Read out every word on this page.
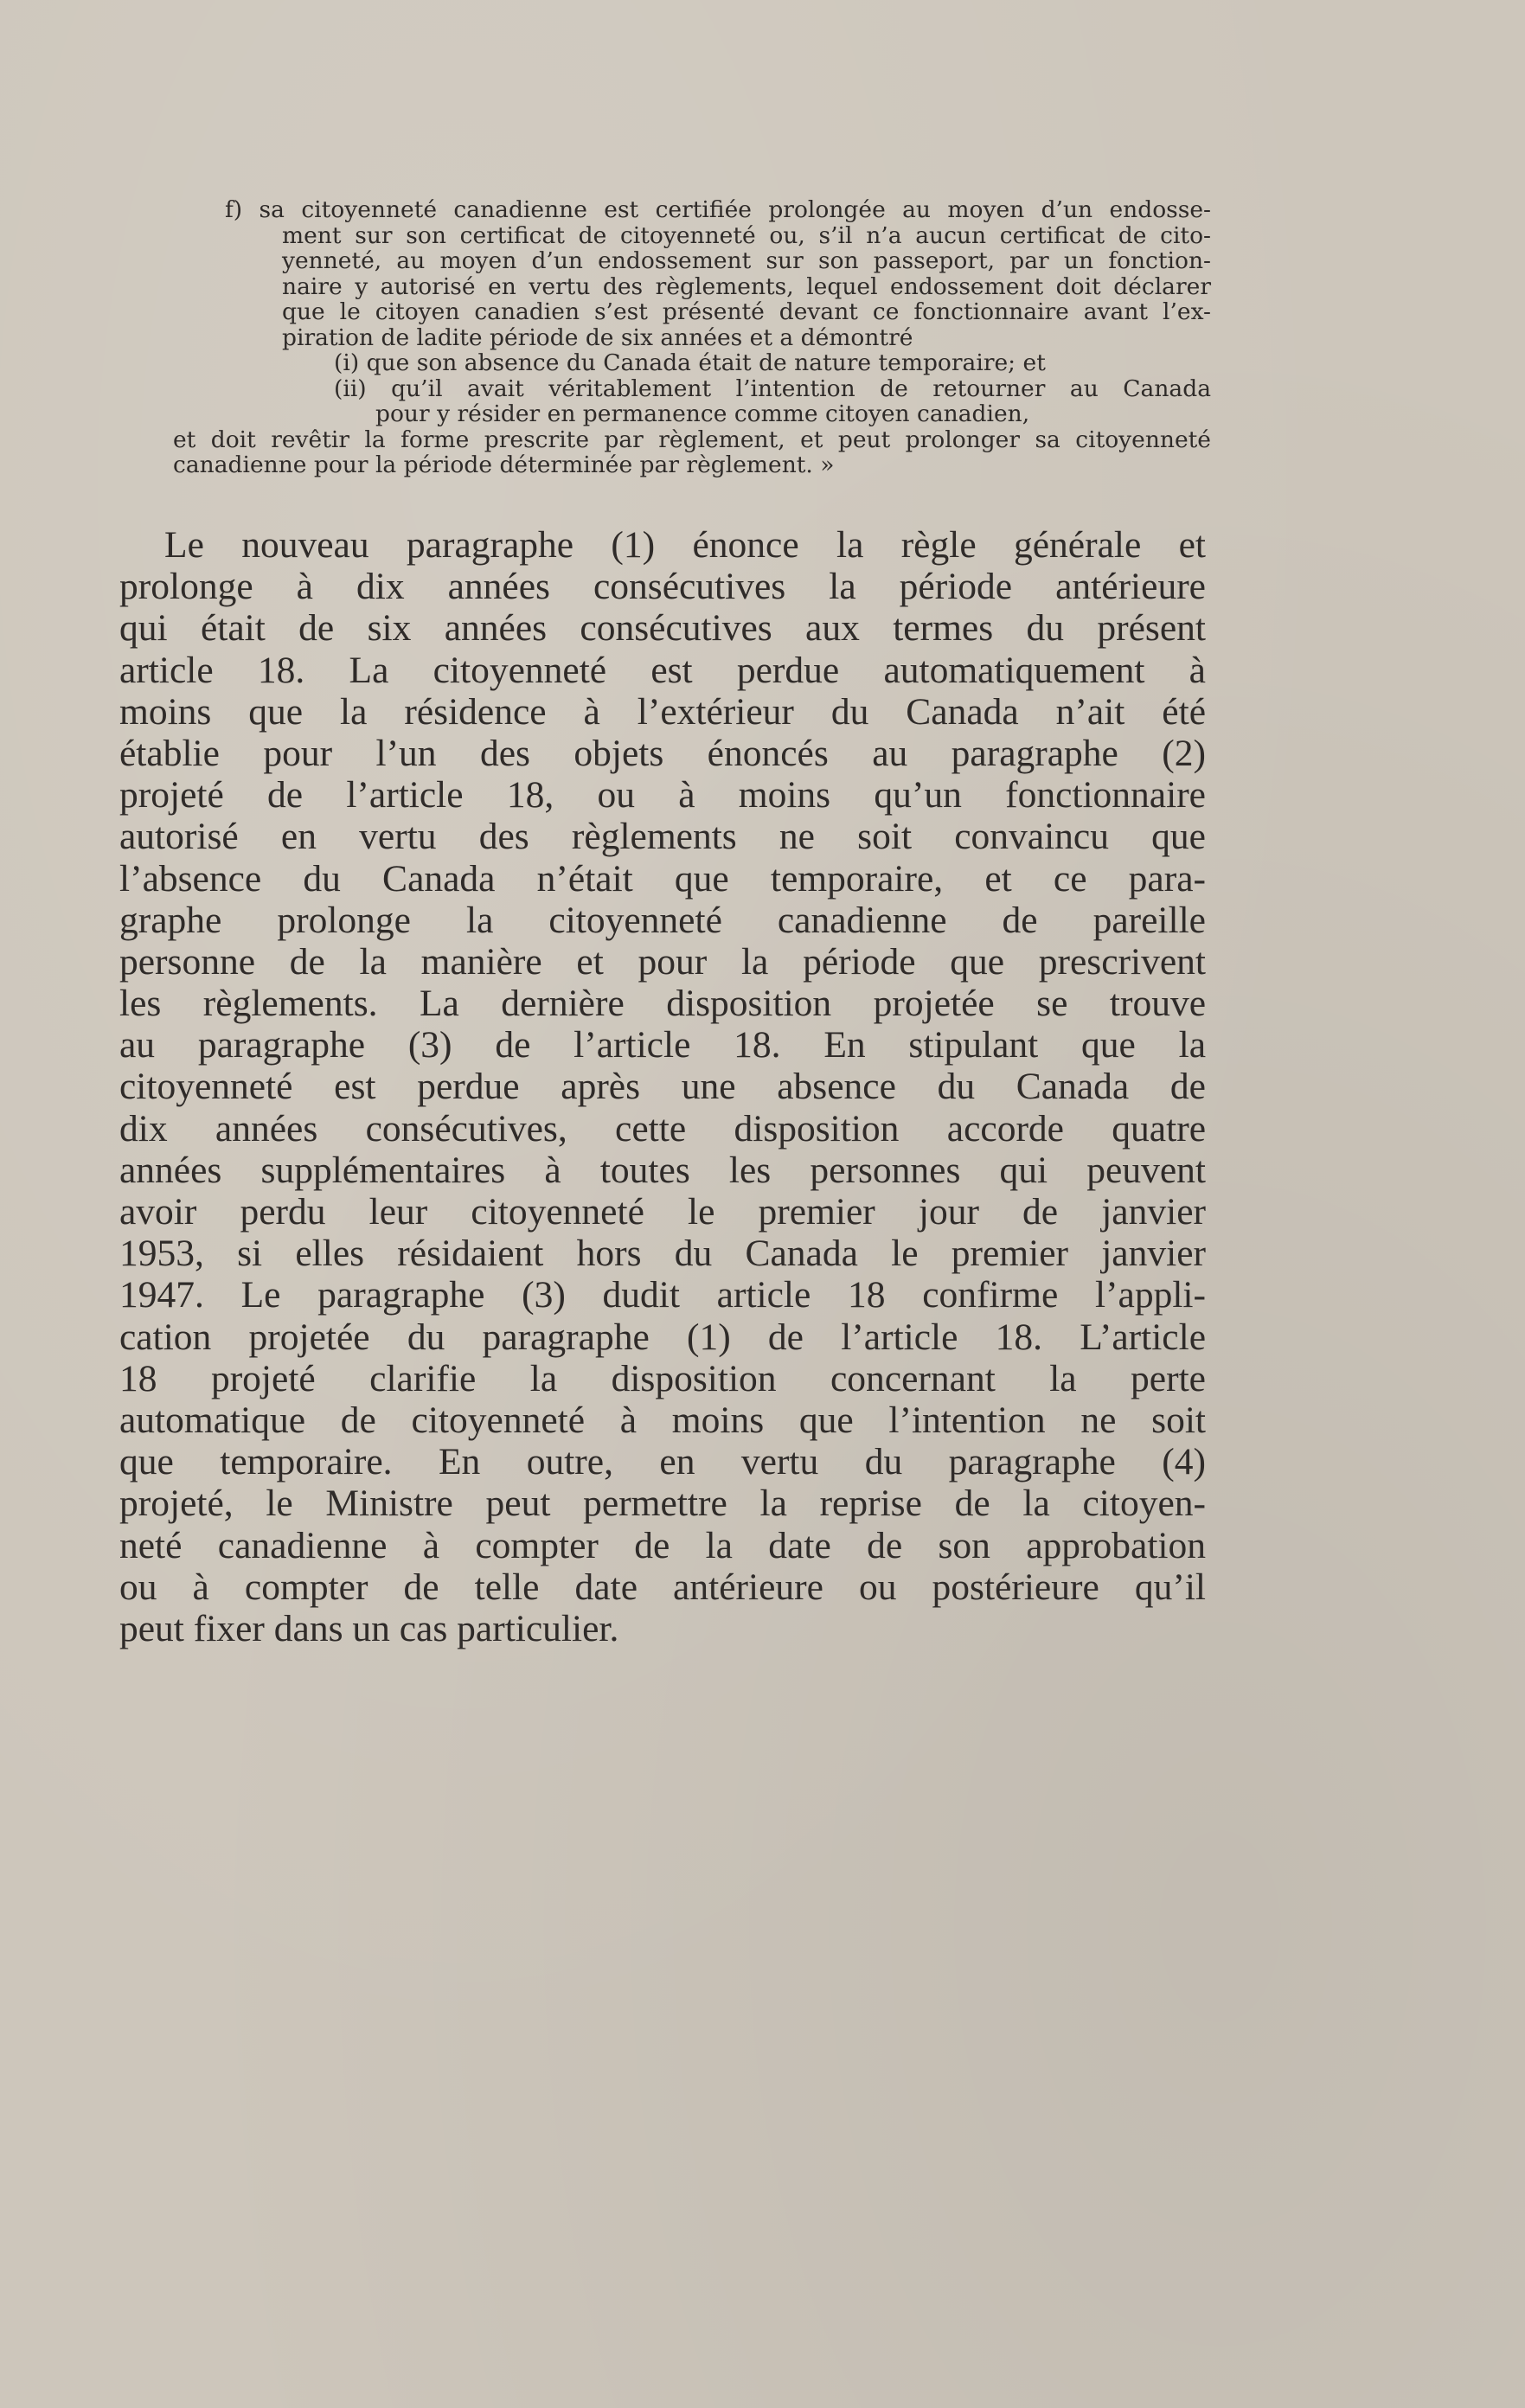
f) sa citoyenneté canadienne est certifiée prolongée au moyen d’un endosse-
ment sur son certificat de citoyenneté ou, s’il n’a aucun certificat de cito-
yenneté, au moyen d’un endossement sur son passeport, par un fonction-
naire y autorisé en vertu des règlements, lequel endossement doit déclarer
que le citoyen canadien s’est présenté devant ce fonctionnaire avant l’ex-
piration de ladite période de six années et a démontré
(i) que son absence du Canada était de nature temporaire; et
(ii) qu’il avait véritablement l’intention de retourner au Canada
pour y résider en permanence comme citoyen canadien,
et doit revêtir la forme prescrite par règlement, et peut prolonger sa citoyenneté
canadienne pour la période déterminée par règlement. »
Le nouveau paragraphe (1) énonce la règle générale et
prolonge à dix années consécutives la période antérieure
qui était de six années consécutives aux termes du présent
article 18. La citoyenneté est perdue automatiquement à
moins que la résidence à l’extérieur du Canada n’ait été
établie pour l’un des objets énoncés au paragraphe (2)
projeté de l’article 18, ou à moins qu’un fonctionnaire
autorisé en vertu des règlements ne soit convaincu que
l’absence du Canada n’était que temporaire, et ce para-
graphe prolonge la citoyenneté canadienne de pareille
personne de la manière et pour la période que prescrivent
les règlements. La dernière disposition projetée se trouve
au paragraphe (3) de l’article 18. En stipulant que la
citoyenneté est perdue après une absence du Canada de
dix années consécutives, cette disposition accorde quatre
années supplémentaires à toutes les personnes qui peuvent
avoir perdu leur citoyenneté le premier jour de janvier
1953, si elles résidaient hors du Canada le premier janvier
1947. Le paragraphe (3) dudit article 18 confirme l’appli-
cation projetée du paragraphe (1) de l’article 18. L’article
18 projeté clarifie la disposition concernant la perte
automatique de citoyenneté à moins que l’intention ne soit
que temporaire. En outre, en vertu du paragraphe (4)
projeté, le Ministre peut permettre la reprise de la citoyen-
neté canadienne à compter de la date de son approbation
ou à compter de telle date antérieure ou postérieure qu’il
peut fixer dans un cas particulier.
